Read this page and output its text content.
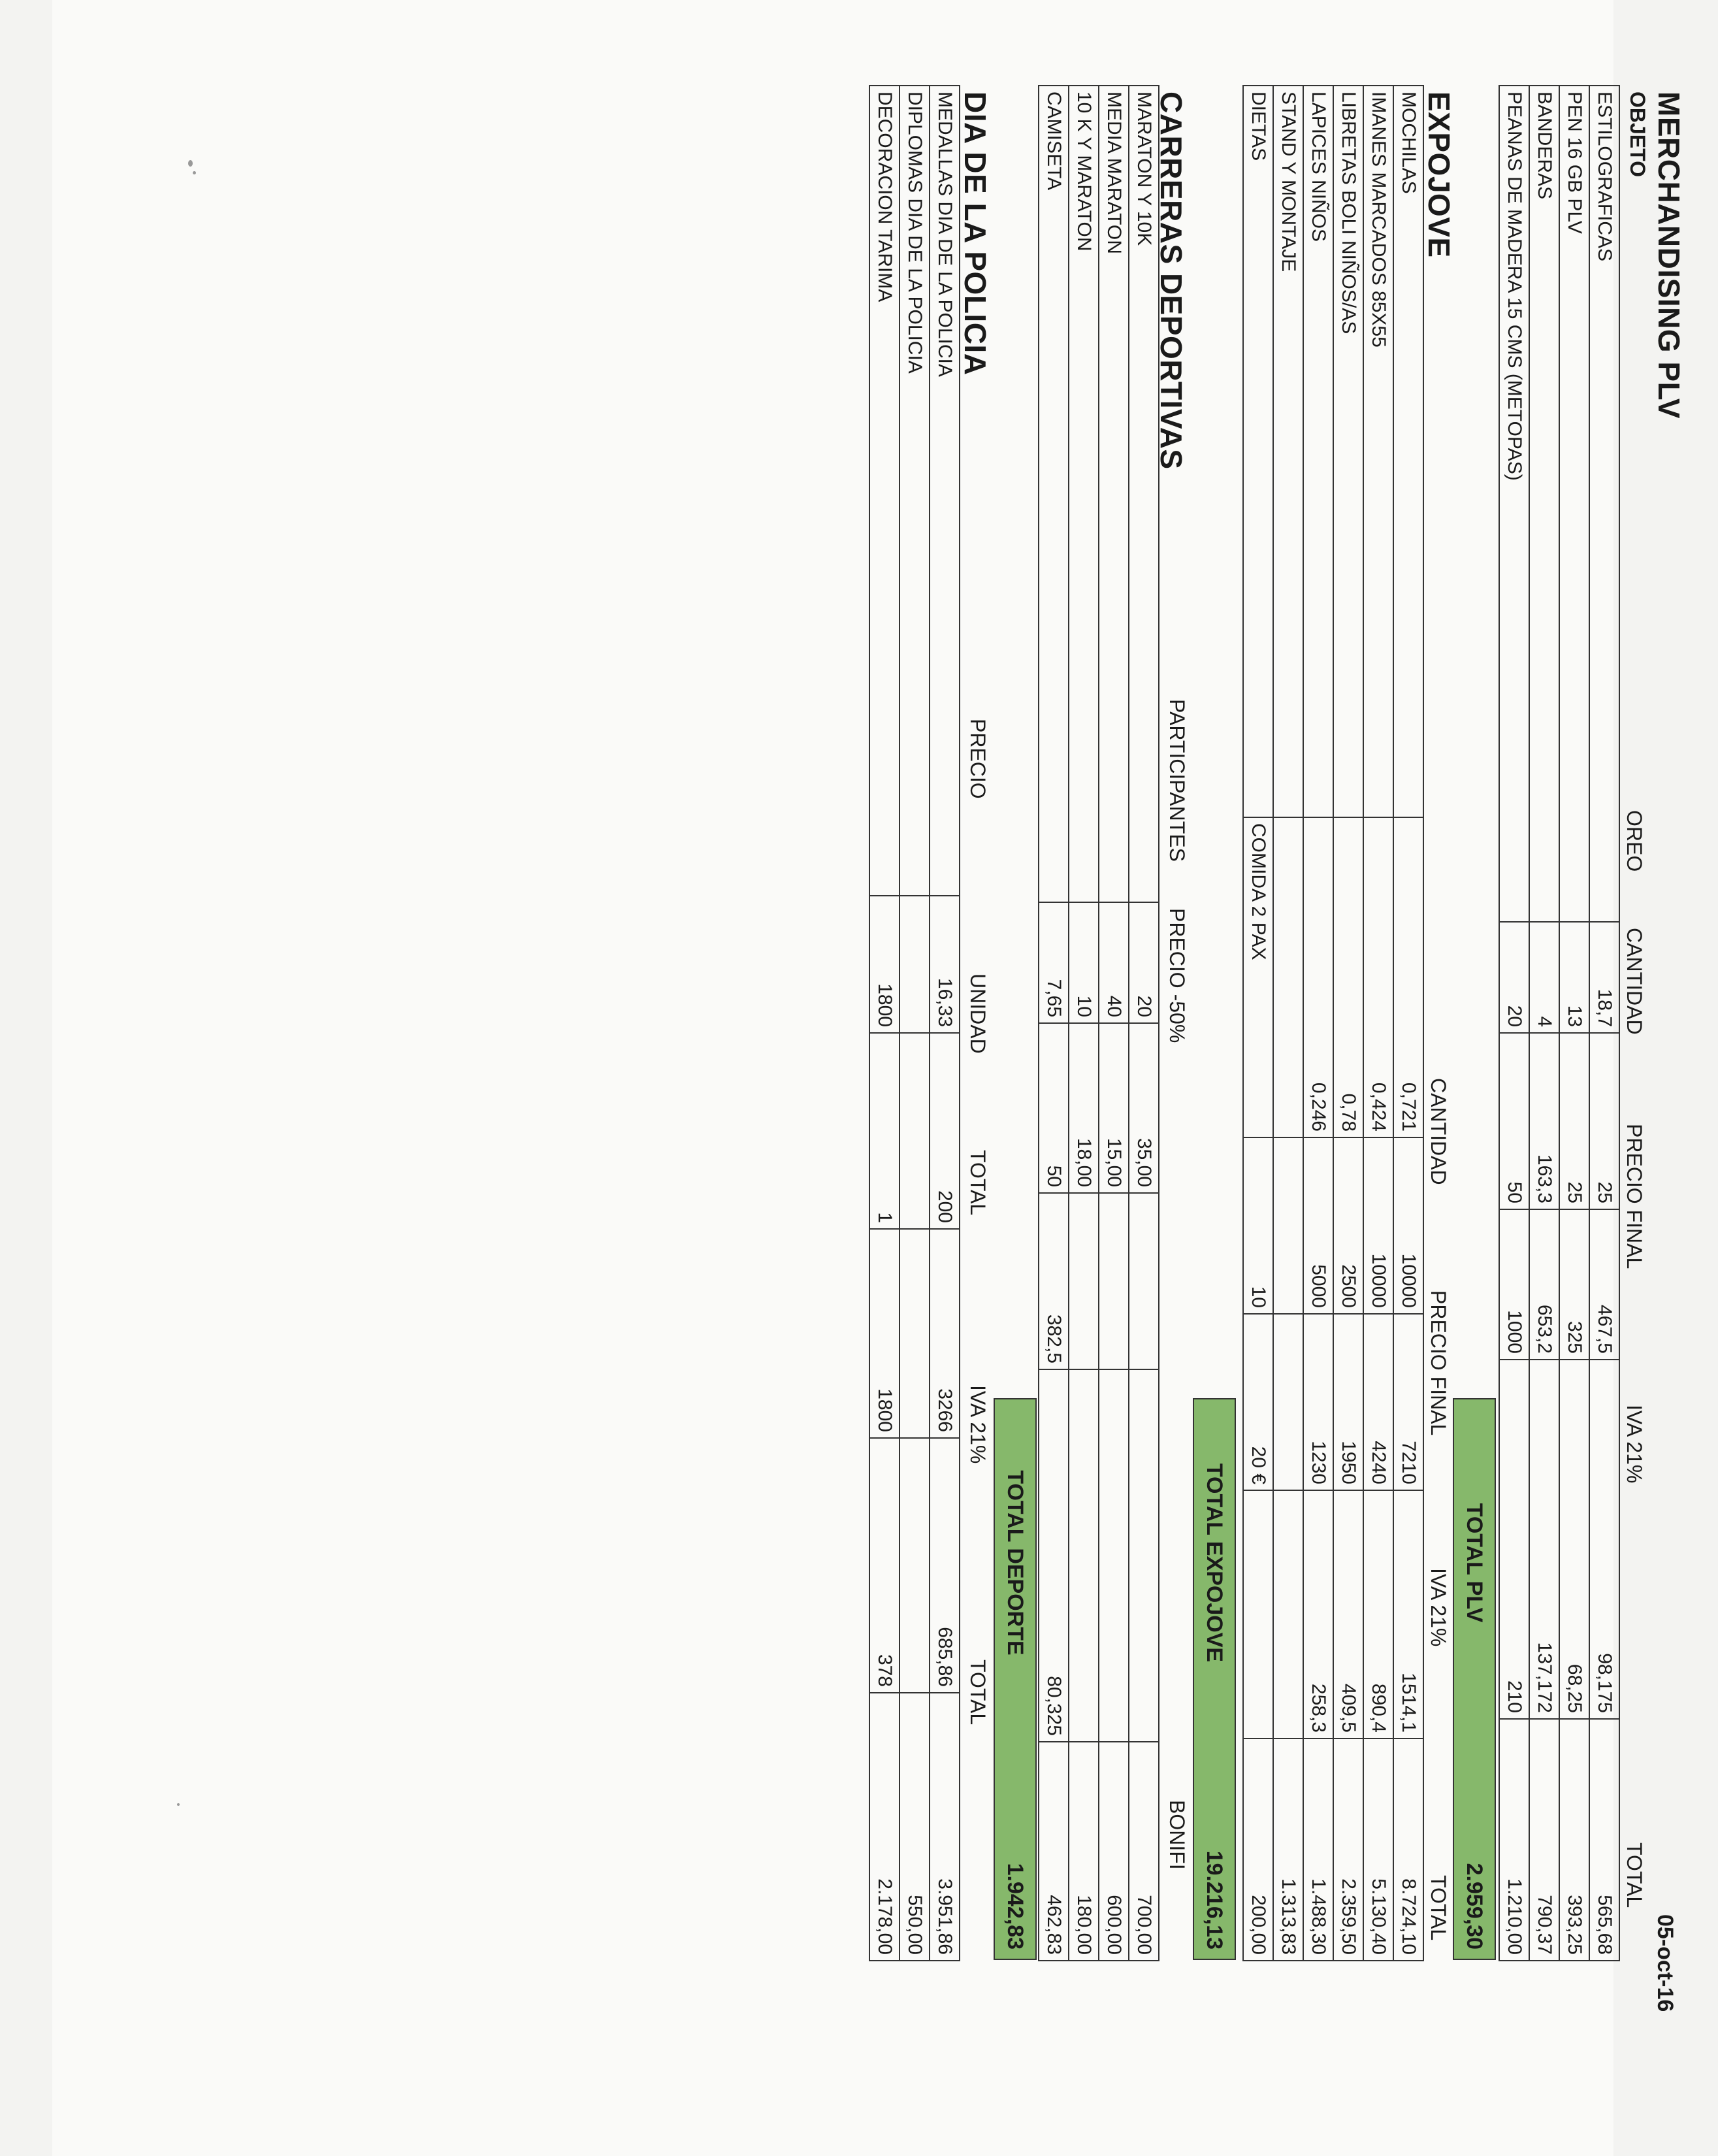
05-oct-16
MERCHANDISING PLV
OBJETO
OREO
CANTIDAD
PRECIO FINAL
IVA 21%
TOTAL
ESTILOGRAFICAS	18,7	25	467,5	98,175	565,68
PEN 16 GB PLV	13	25	325	68,25	393,25
BANDERAS	4	163,3	653,2	137,172	790,37
PEANAS DE MADERA 15 CMS (METOPAS)	20	50	1000	210	1.210,00
TOTAL PLV
2.959,30
EXPOJOVE
CANTIDAD
PRECIO FINAL
IVA 21%
TOTAL
MOCHILAS	0,721	10000	7210	1514,1	8.724,10
IMANES MARCADOS 85X55	0,424	10000	4240	890,4	5.130,40
LIBRETAS BOLI NIÑOS/AS	0,78	2500	1950	409,5	2.359,50
LAPICES NIÑOS	0,246	5000	1230	258,3	1.488,30
STAND Y MONTAJE					1.313,83
DIETAS	COMIDA 2 PAX	10	20 €		200,00
TOTAL EXPOJOVE
19.216,13
CARRERAS DEPORTIVAS
PARTICIPANTES
PRECIO -50%
BONIFI
MARATON Y 10K	20	35,00			700,00
MEDIA MARATON	40	15,00			600,00
10 K Y MARATON	10	18,00			180,00
CAMISETA	7,65	50	382,5	80,325	462,83
TOTAL DEPORTE
1.942,83
DIA DE LA POLICIA
PRECIO
UNIDAD
TOTAL
IVA 21%
TOTAL
MEDALLAS DIA DE LA POLICIA	16,33	200	3266	685,86	3.951,86
DIPLOMAS DIA DE LA POLICIA					550,00
DECORACION TARIMA	1800	1	1800	378	2.178,00
